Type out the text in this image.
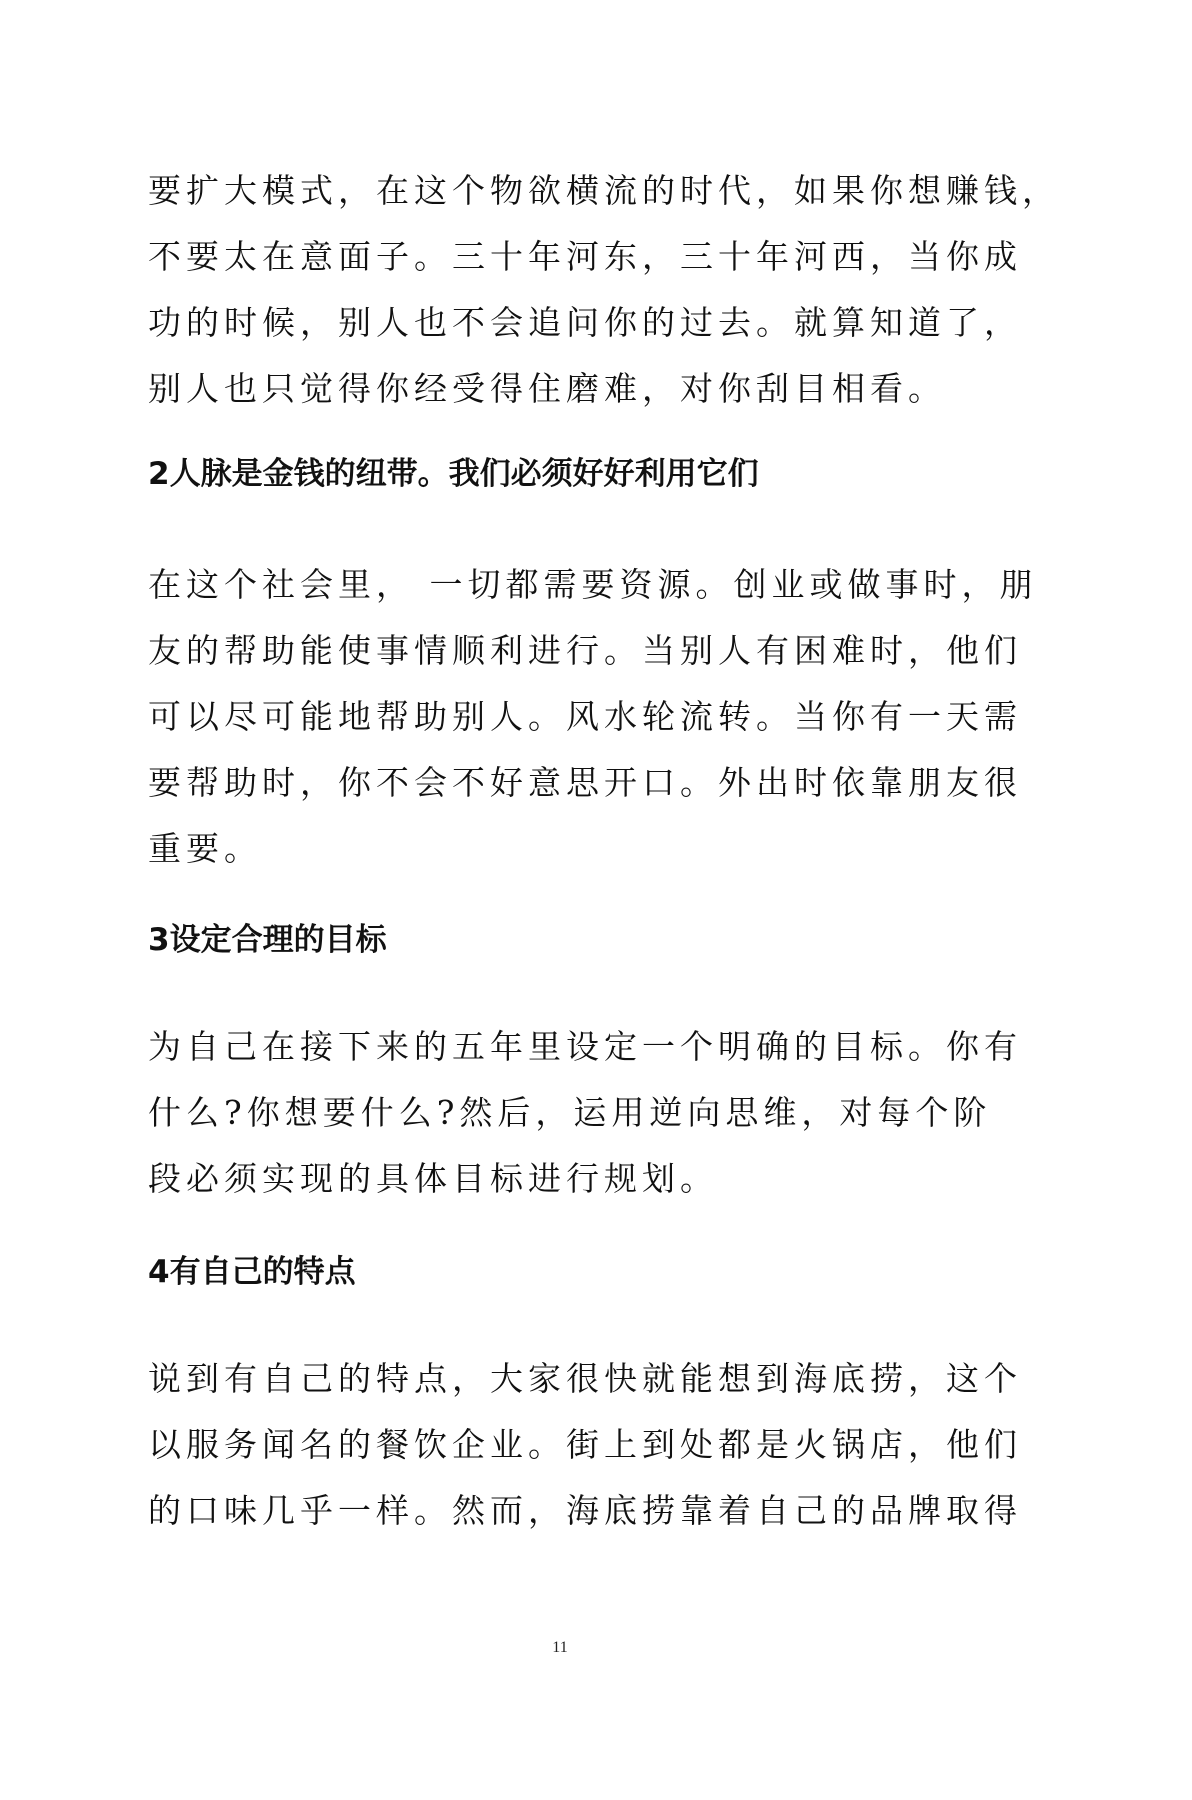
要扩大模式，在这个物欲横流的时代，如果你想赚钱，
不要太在意面子。三十年河东，三十年河西，当你成
功的时候，别人也不会追问你的过去。就算知道了，
别人也只觉得你经受得住磨难，对你刮目相看。
2人脉是金钱的纽带。我们必须好好利用它们
在这个社会里， 一切都需要资源。创业或做事时，朋
友的帮助能使事情顺利进行。当别人有困难时，他们
可以尽可能地帮助别人。风水轮流转。当你有一天需
要帮助时，你不会不好意思开口。外出时依靠朋友很
重要。
3设定合理的目标
为自己在接下来的五年里设定一个明确的目标。你有
什么?你想要什么?然后，运用逆向思维，对每个阶
段必须实现的具体目标进行规划。
4有自己的特点
说到有自己的特点，大家很快就能想到海底捞，这个
以服务闻名的餐饮企业。街上到处都是火锅店，他们
的口味几乎一样。然而，海底捞靠着自己的品牌取得
11
